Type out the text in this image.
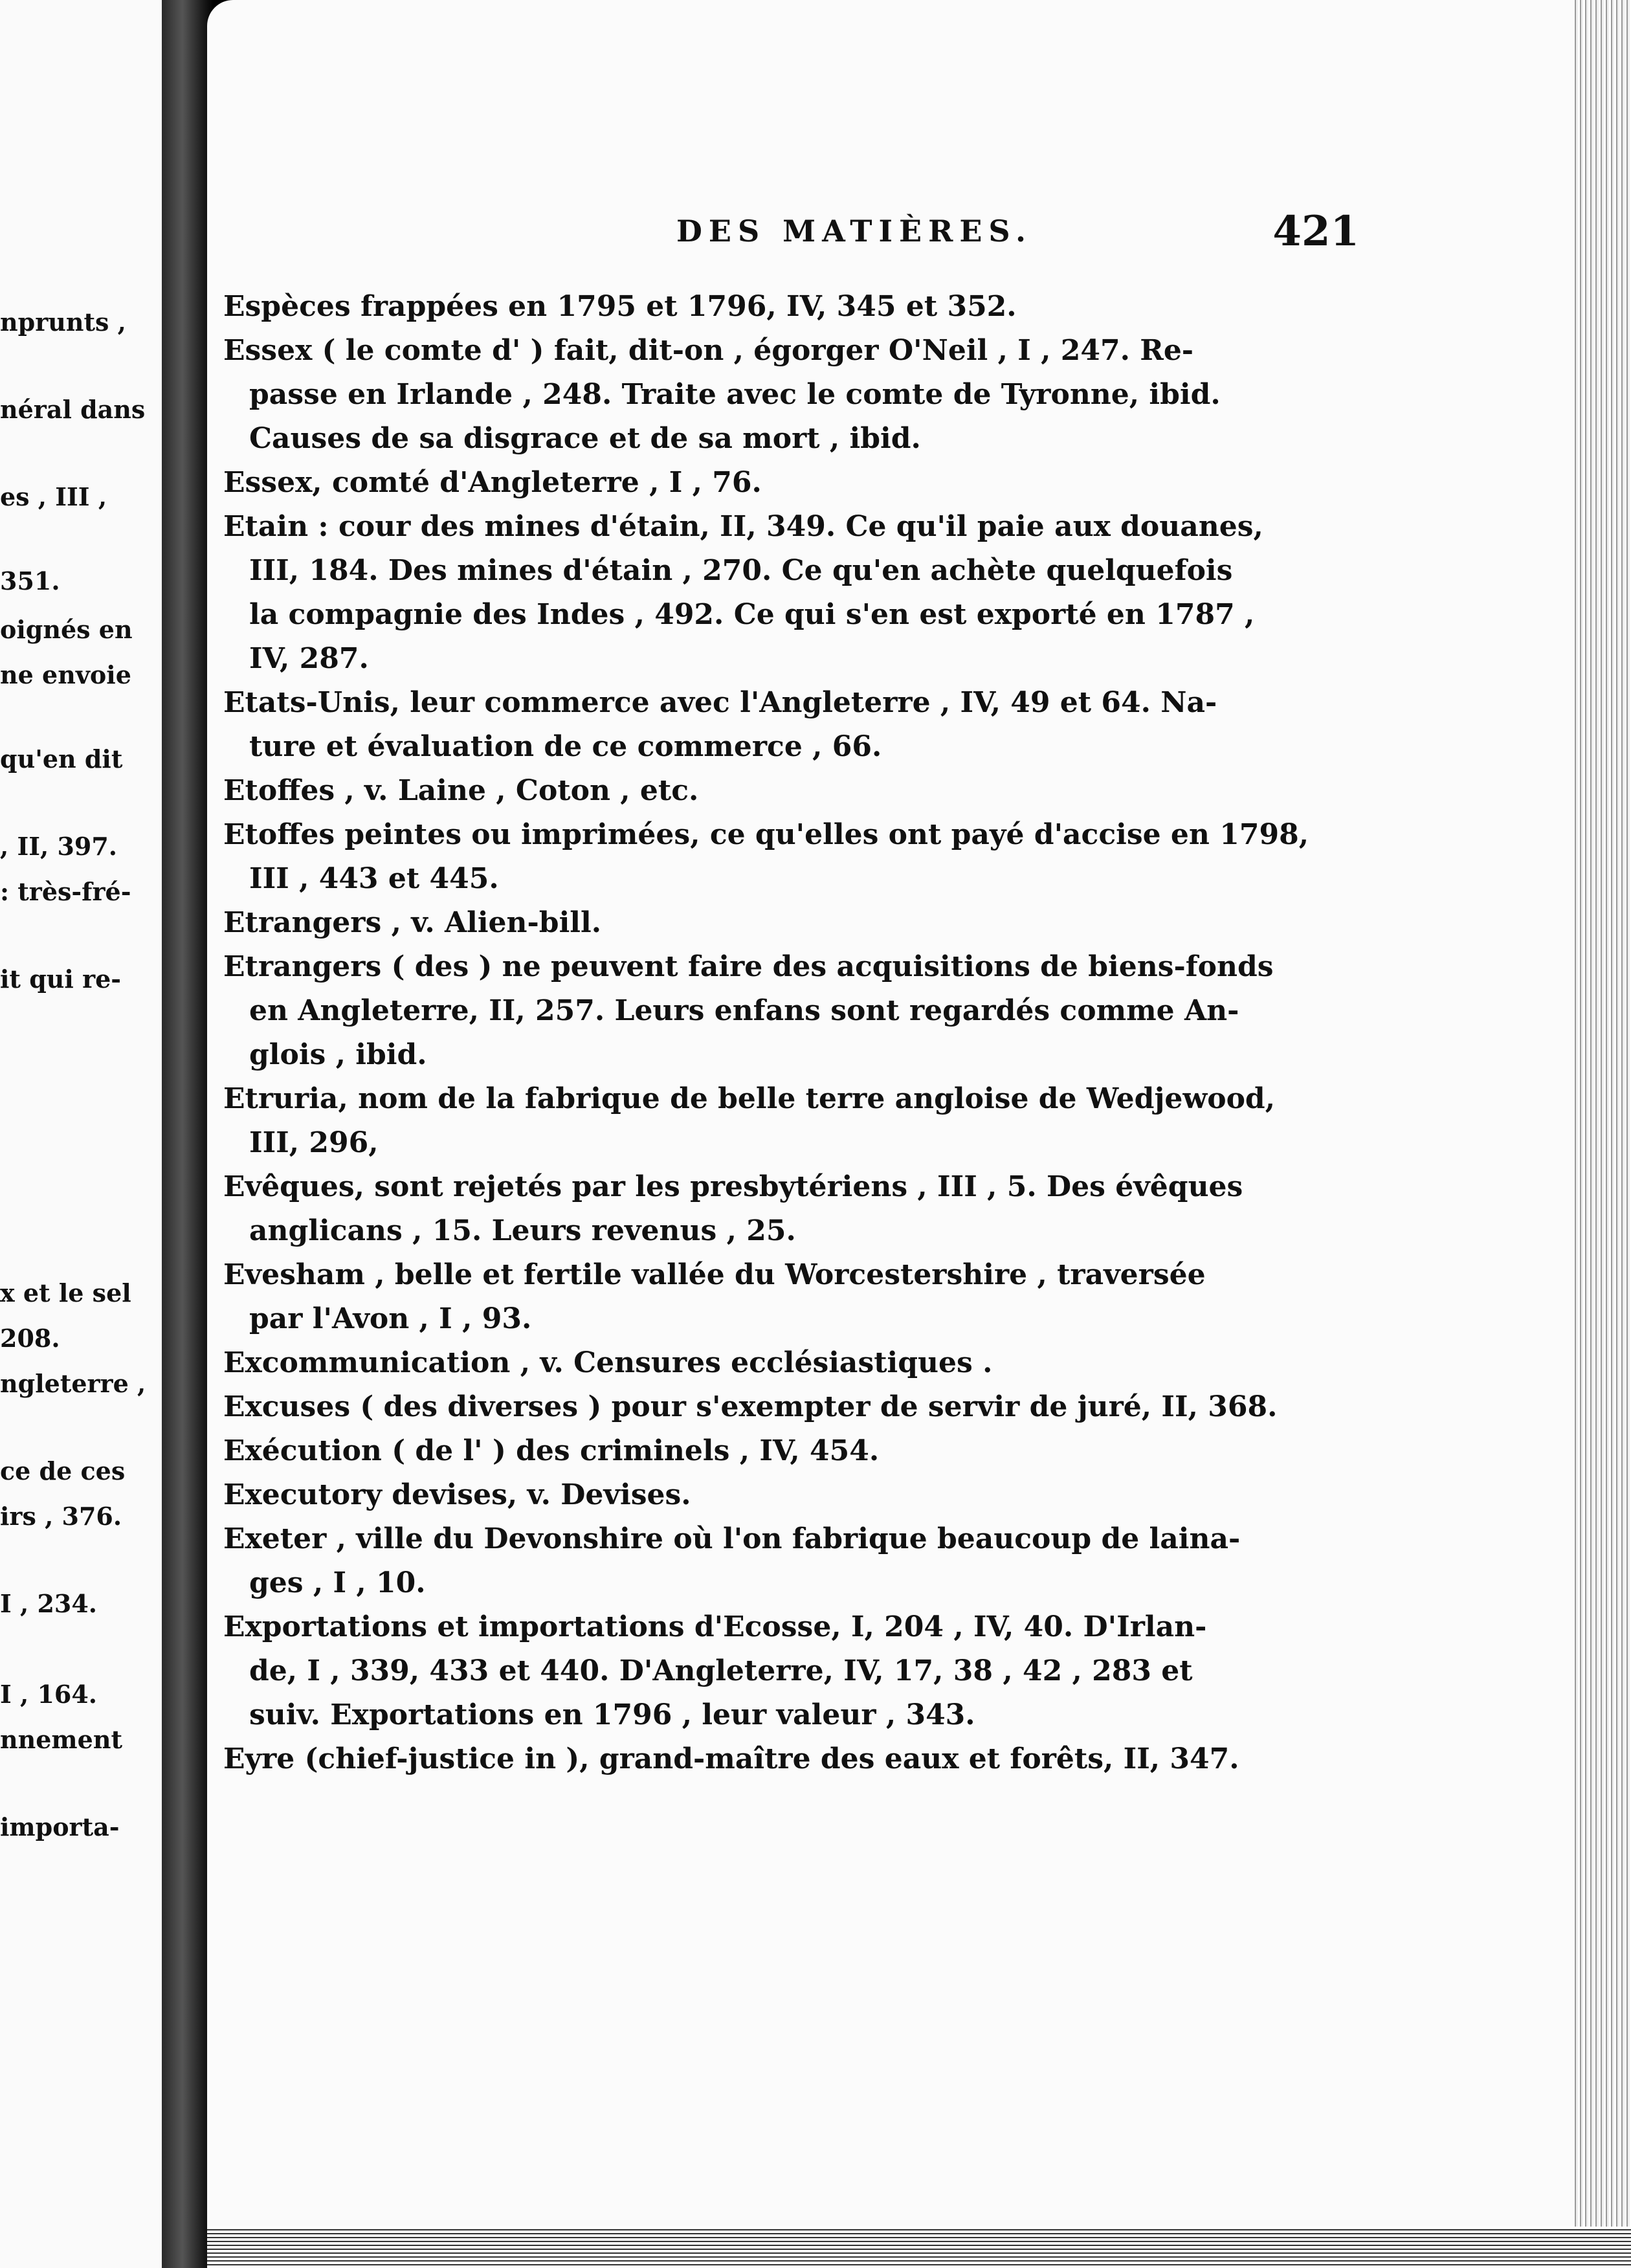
nprunts ,
néral dans
es , III ,
351.
oignés en
ne envoie
qu'en dit
, II, 397.
: très-fré-
it qui re-
x et le sel
208.
ngleterre ,
ce de ces
irs , 376.
I , 234.
I , 164.
nnement
importa-
DES MATIÈRES.	421
Espèces frappées en 1795 et 1796, IV, 345 et 352.
Essex ( le comte d' ) fait, dit-on , égorger O'Neil , I , 247. Re-
passe en Irlande , 248. Traite avec le comte de Tyronne, ibid.
Causes de sa disgrace et de sa mort , ibid.
Essex, comté d'Angleterre , I , 76.
Etain : cour des mines d'étain, II, 349. Ce qu'il paie aux douanes,
III, 184. Des mines d'étain , 270. Ce qu'en achète quelquefois
la compagnie des Indes , 492. Ce qui s'en est exporté en 1787 ,
IV, 287.
Etats-Unis, leur commerce avec l'Angleterre , IV, 49 et 64. Na-
ture et évaluation de ce commerce , 66.
Etoffes , v. Laine , Coton , etc.
Etoffes peintes ou imprimées, ce qu'elles ont payé d'accise en 1798,
III , 443 et 445.
Etrangers , v. Alien-bill.
Etrangers ( des ) ne peuvent faire des acquisitions de biens-fonds
en Angleterre, II, 257. Leurs enfans sont regardés comme An-
glois , ibid.
Etruria, nom de la fabrique de belle terre angloise de Wedjewood,
III, 296,
Evêques, sont rejetés par les presbytériens , III , 5. Des évêques
anglicans , 15. Leurs revenus , 25.
Evesham , belle et fertile vallée du Worcestershire , traversée
par l'Avon , I , 93.
Excommunication , v. Censures ecclésiastiques .
Excuses ( des diverses ) pour s'exempter de servir de juré, II, 368.
Exécution ( de l' ) des criminels , IV, 454.
Executory devises, v. Devises.
Exeter , ville du Devonshire où l'on fabrique beaucoup de laina-
ges , I , 10.
Exportations et importations d'Ecosse, I, 204 , IV, 40. D'Irlan-
de, I , 339, 433 et 440. D'Angleterre, IV, 17, 38 , 42 , 283 et
suiv. Exportations en 1796 , leur valeur , 343.
Eyre (chief-justice in ), grand-maître des eaux et forêts, II, 347.
